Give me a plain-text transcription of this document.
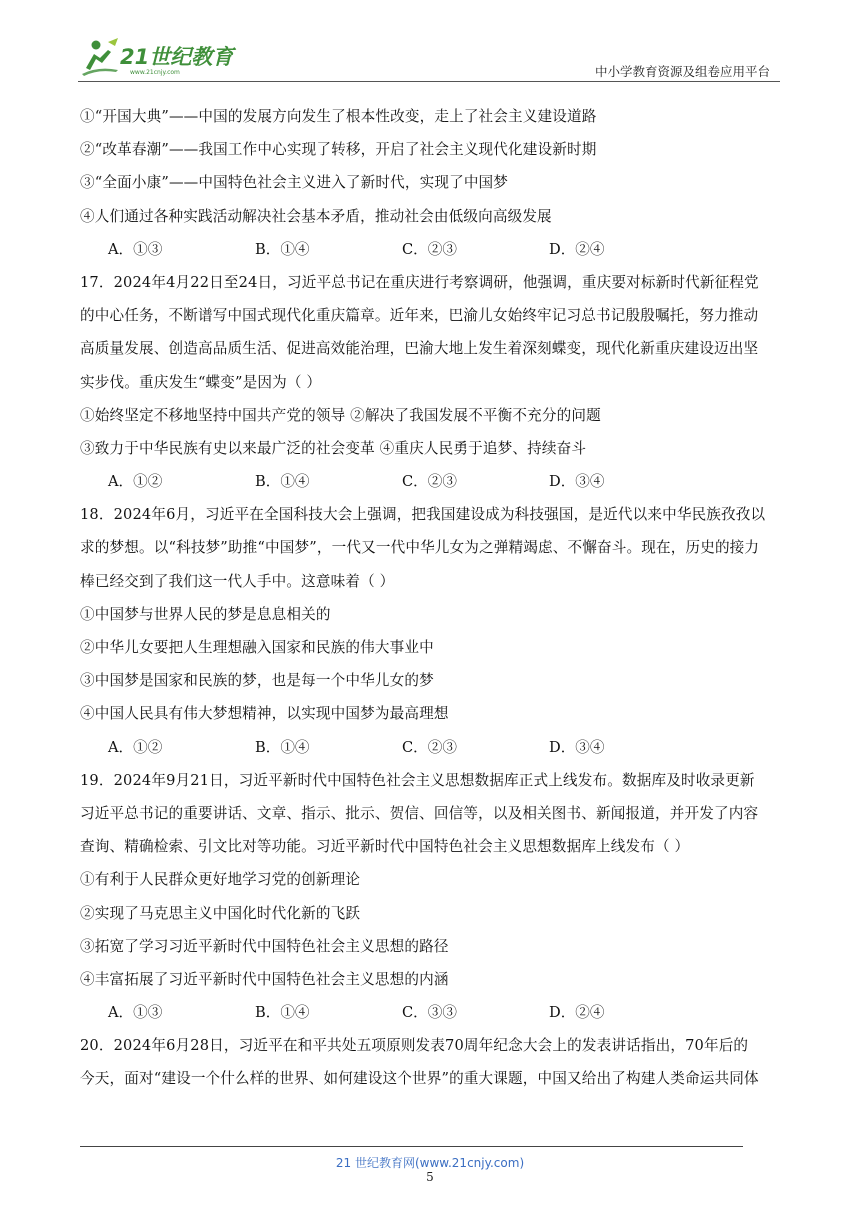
21世纪教育
www.21cnjy.com	中小学教育资源及组卷应用平台
①“开国大典”——中国的发展方向发生了根本性改变，走上了社会主义建设道路
②“改革春潮”——我国工作中心实现了转移，开启了社会主义现代化建设新时期
③“全面小康”——中国特色社会主义进入了新时代，实现了中国梦
④人们通过各种实践活动解决社会基本矛盾，推动社会由低级向高级发展
A．①③	B．①④	C．②③	D．②④
17．2024年4月22日至24日，习近平总书记在重庆进行考察调研，他强调，重庆要对标新时代新征程党
的中心任务，不断谱写中国式现代化重庆篇章。近年来，巴渝儿女始终牢记习总书记殷殷嘱托，努力推动
高质量发展、创造高品质生活、促进高效能治理，巴渝大地上发生着深刻蝶变，现代化新重庆建设迈出坚
实步伐。重庆发生“蝶变”是因为（ ）
①始终坚定不移地坚持中国共产党的领导 ②解决了我国发展不平衡不充分的问题
③致力于中华民族有史以来最广泛的社会变革 ④重庆人民勇于追梦、持续奋斗
A．①②	B．①④	C．②③	D．③④
18．2024年6月，习近平在全国科技大会上强调，把我国建设成为科技强国，是近代以来中华民族孜孜以
求的梦想。以“科技梦”助推“中国梦”，一代又一代中华儿女为之弹精竭虑、不懈奋斗。现在，历史的接力
棒已经交到了我们这一代人手中。这意味着（ ）
①中国梦与世界人民的梦是息息相关的
②中华儿女要把人生理想融入国家和民族的伟大事业中
③中国梦是国家和民族的梦，也是每一个中华儿女的梦
④中国人民具有伟大梦想精神，以实现中国梦为最高理想
A．①②	B．①④	C．②③	D．③④
19．2024年9月21日，习近平新时代中国特色社会主义思想数据库正式上线发布。数据库及时收录更新
习近平总书记的重要讲话、文章、指示、批示、贺信、回信等，以及相关图书、新闻报道，并开发了内容
查询、精确检索、引文比对等功能。习近平新时代中国特色社会主义思想数据库上线发布（ ）
①有利于人民群众更好地学习党的创新理论
②实现了马克思主义中国化时代化新的飞跃
③拓宽了学习习近平新时代中国特色社会主义思想的路径
④丰富拓展了习近平新时代中国特色社会主义思想的内涵
A．①③	B．①④	C．③③	D．②④
20．2024年6月28日，习近平在和平共处五项原则发表70周年纪念大会上的发表讲话指出，70年后的
今天，面对“建设一个什么样的世界、如何建设这个世界”的重大课题，中国又给出了构建人类命运共同体
21 世纪教育网(www.21cnjy.com)
5
